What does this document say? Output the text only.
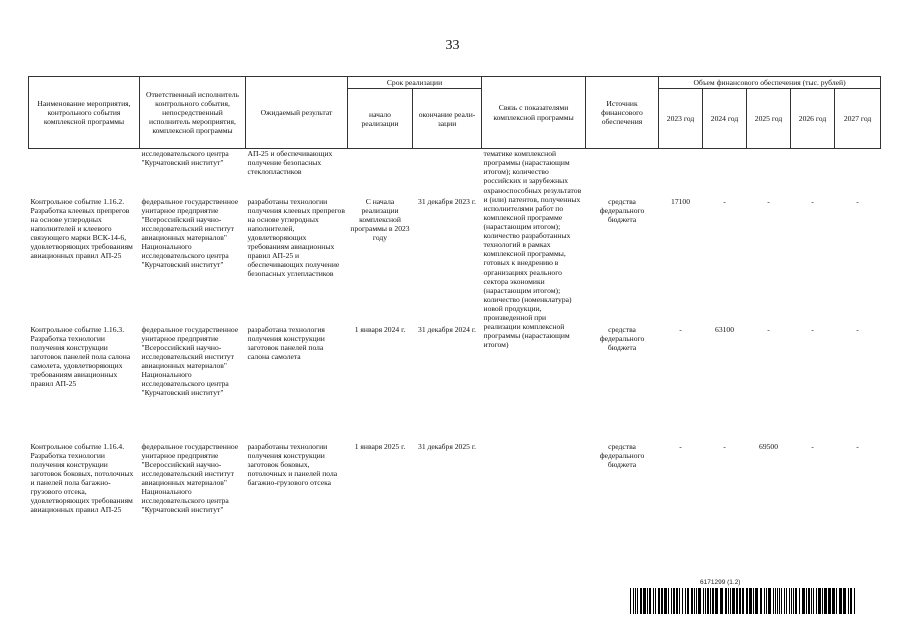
33
Наименование мероприятия, контрольного события комплексной программы	Ответственный исполнитель контрольного события, непосредственный исполнитель мероприятия, комплексной программы	Ожидаемый результат	Срок реализации		Связь с показателями комплексной программы	Источник финансового обеспечения	Объем финансового обеспечения (тыс. рублей)				
			начало реализации	окончание реали-зации			2023 год	2024 год	2025 год	2026 год	2027 год
	исследовательского центра "Курчатовский институт"	АП-25 и обеспечивающих получение безопасных стеклопластиков			тематике комплексной программы (нарастающим итогом); количество российских и зарубежных охраноспособных результатов и (или) патентов, полученных исполнителями работ по комплексной программе (нарастающим итогом); количество разработанных технологий в рамках комплексной программы, готовых к внедрению в организациях реального сектора экономики (нарастающим итогом); количество (номенклатура) новой продукции, произведенной при реализации комплексной программы (нарастающим итогом)						
Контрольное событие 1.16.2. Разработка клеевых препрегов на основе углеродных наполнителей и клеевого связующего марки ВСК-14-6, удовлетворяющих требованиям авиационных правил АП-25	федеральное государственное унитарное предприятие "Всероссийский научно-исследовательский институт авиационных материалов" Национального исследовательского центра "Курчатовский институт"	разработаны технологии получения клеевых препрегов на основе углеродных наполнителей, удовлетворяющих требованиям авиационных правил АП-25 и обеспечивающих получение безопасных углепластиков	С начала реализации комплексной программы в 2023 году	31 декабря 2023 г.		средства федерального бюджета	17100	-	-	-	-
Контрольное событие 1.16.3. Разработка технологии получения конструкции заготовок панелей пола салона самолета, удовлетворяющих требованиям авиационных правил АП-25	федеральное государственное унитарное предприятие "Всероссийский научно-исследовательский институт авиационных материалов" Национального исследовательского центра "Курчатовский институт"	разработана технология получения конструкции заготовок панелей пола салона самолета	1 января 2024 г.	31 декабря 2024 г.		средства федерального бюджета	-	63100	-	-	-
Контрольное событие 1.16.4. Разработка технологии получения конструкции заготовок боковых, потолочных и панелей пола багажно-грузового отсека, удовлетворяющих требованиям авиационных правил АП-25	федеральное государственное унитарное предприятие "Всероссийский научно-исследовательский институт авиационных материалов" Национального исследовательского центра "Курчатовский институт"	разработаны технологии получения конструкции заготовок боковых, потолочных и панелей пола багажно-грузового отсека	1 января 2025 г.	31 декабря 2025 г.		средства федерального бюджета	-	-	69500	-	-
6171299 (1.2)
